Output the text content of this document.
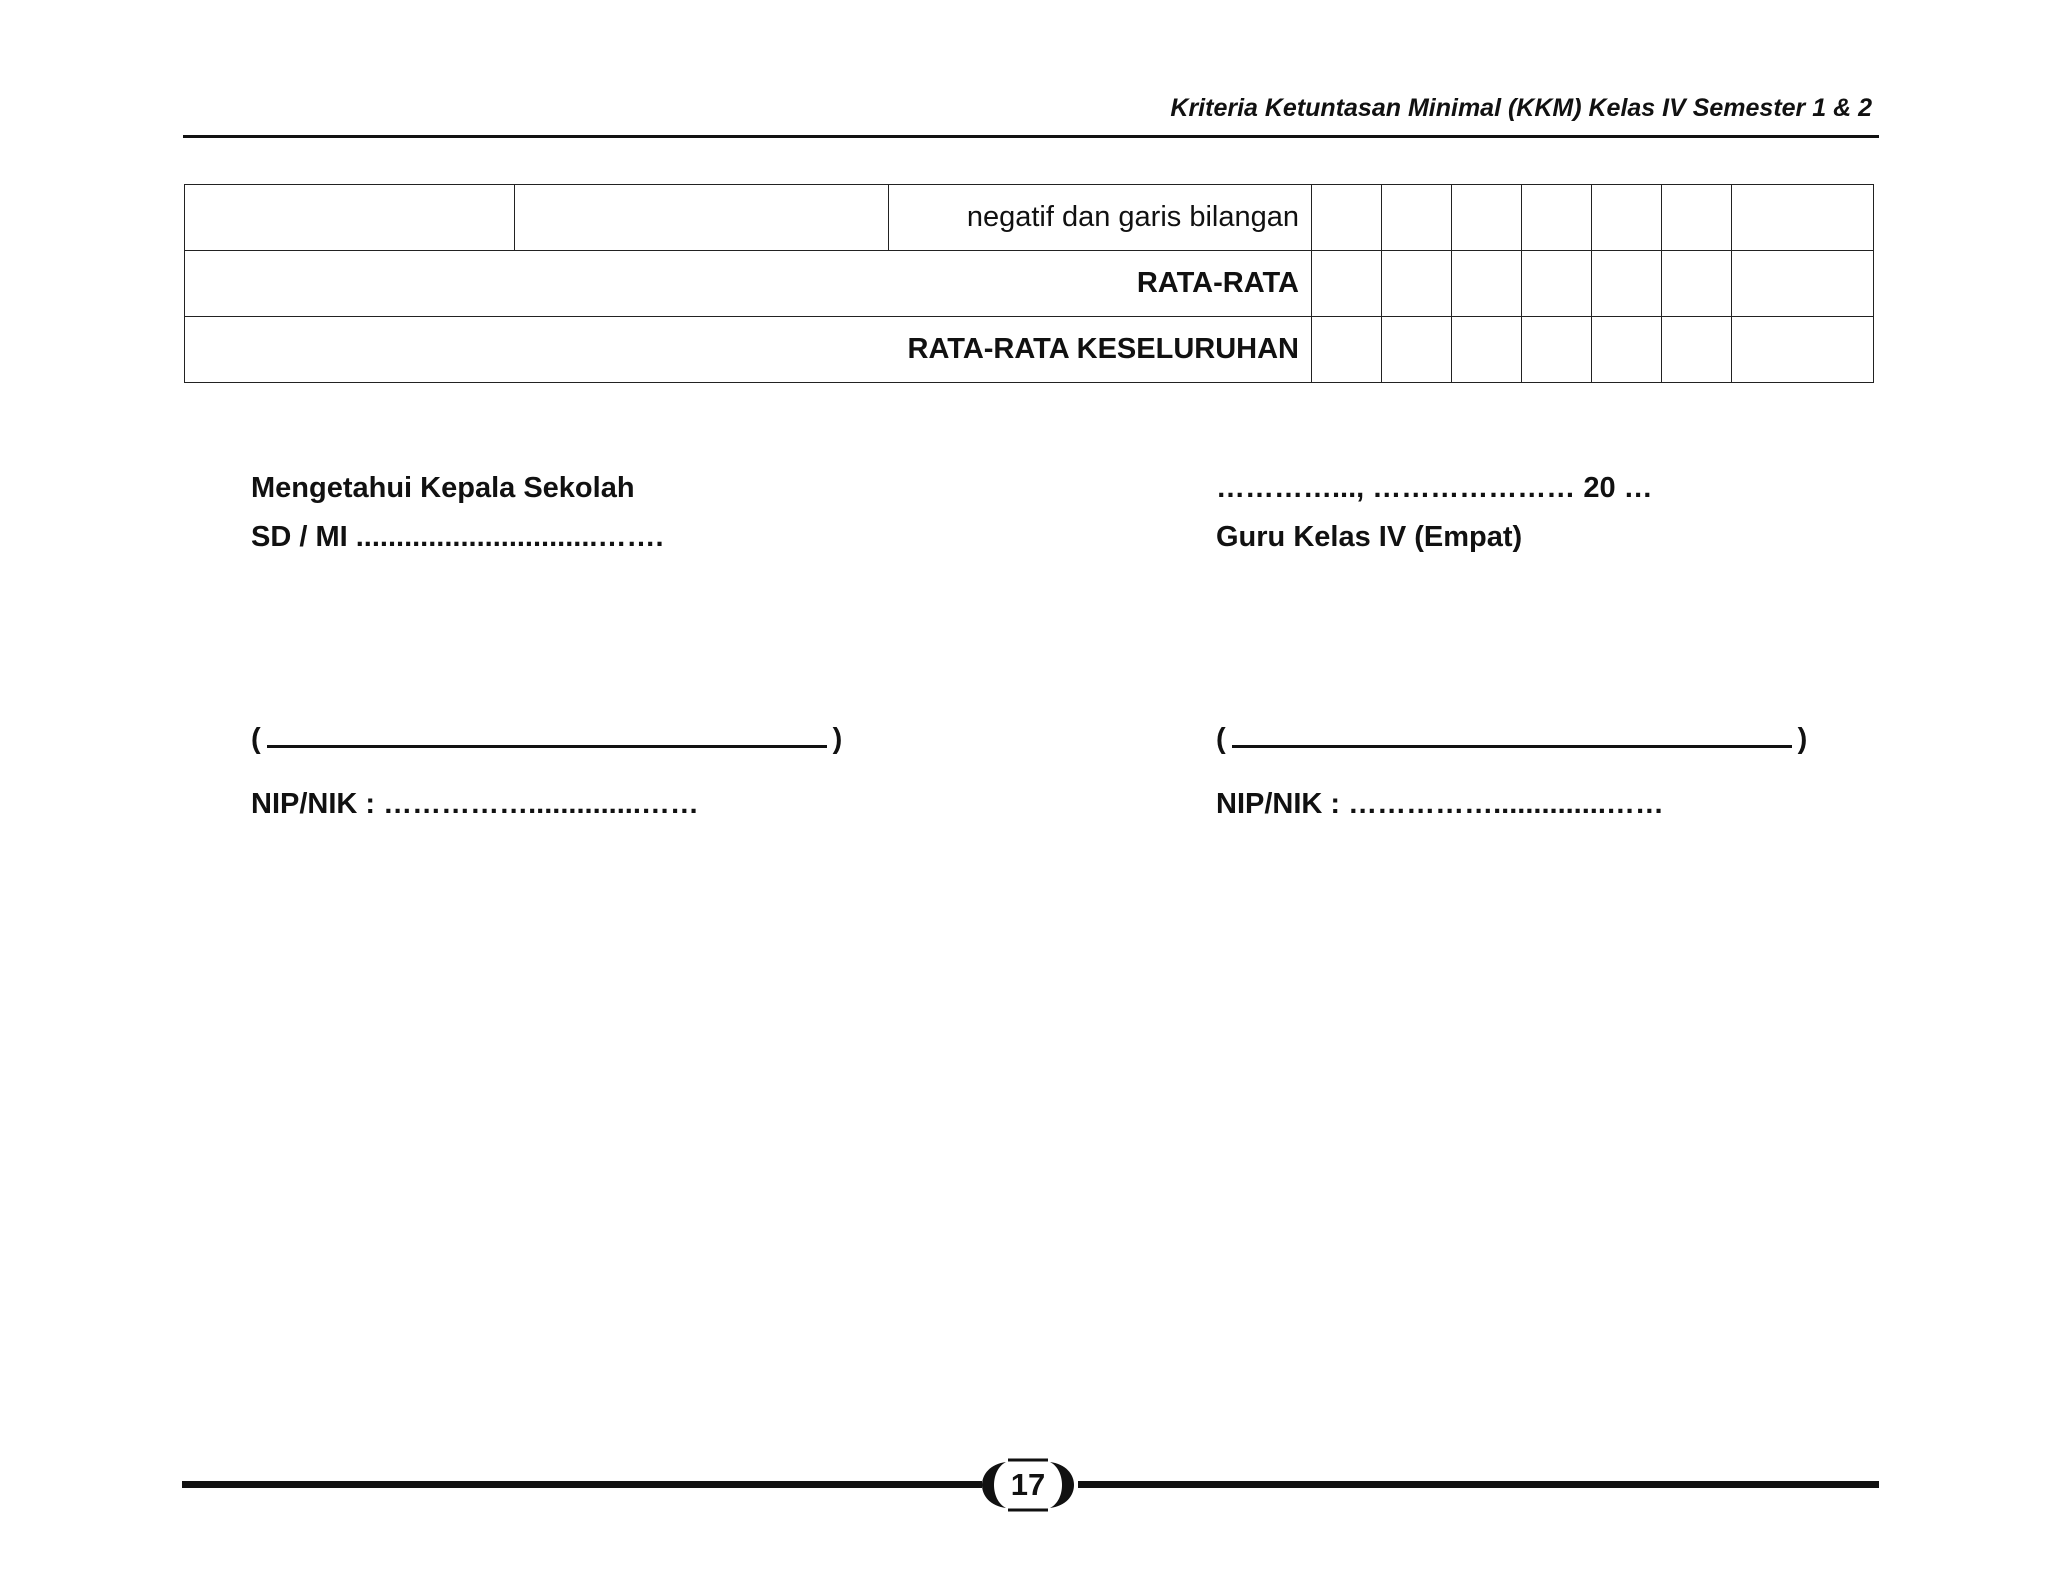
Kriteria Ketuntasan Minimal (KKM) Kelas IV Semester 1 & 2
		negatif dan garis bilangan							
RATA-RATA									
RATA-RATA KESELURUHAN									
Mengetahui Kepala Sekolah
SD / MI ..............................…….
(	)
NIP/NIK : ……………..............……
…………..., ………………… 20 …
Guru Kelas IV (Empat)
(	)
NIP/NIK : ……………..............……
17
